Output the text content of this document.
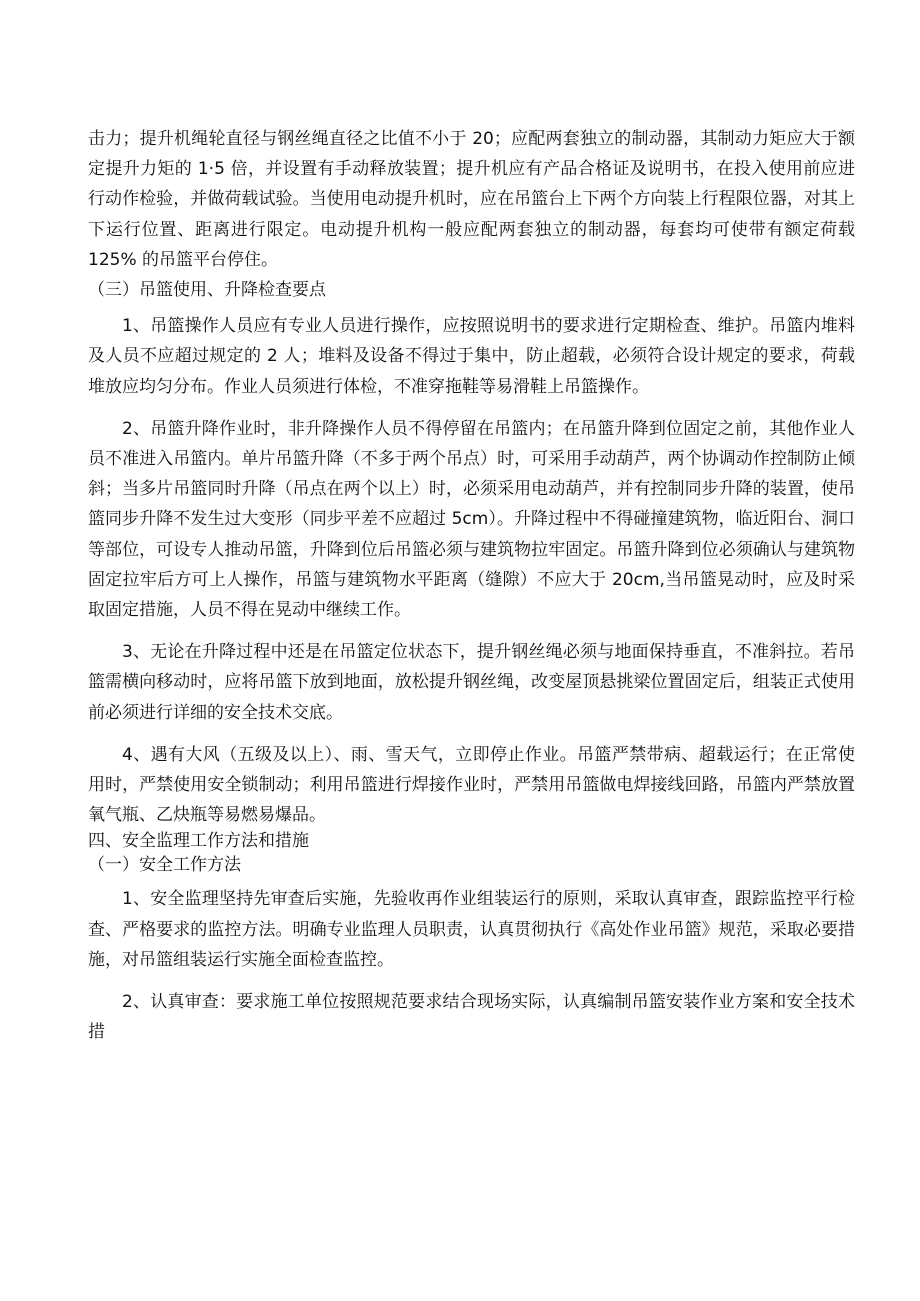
击力；提升机绳轮直径与钢丝绳直径之比值不小于 20；应配两套独立的制动器，其制动力矩应大于额定提升力矩的 1·5 倍，并设置有手动释放装置；提升机应有产品合格证及说明书，在投入使用前应进行动作检验，并做荷载试验。当使用电动提升机时，应在吊篮台上下两个方向装上行程限位器，对其上下运行位置、距离进行限定。电动提升机构一般应配两套独立的制动器，每套均可使带有额定荷载 125% 的吊篮平台停住。

（三）吊篮使用、升降检查要点

1、吊篮操作人员应有专业人员进行操作，应按照说明书的要求进行定期检查、维护。吊篮内堆料及人员不应超过规定的 2 人；堆料及设备不得过于集中，防止超载，必须符合设计规定的要求，荷载堆放应均匀分布。作业人员须进行体检，不准穿拖鞋等易滑鞋上吊篮操作。

2、吊篮升降作业时，非升降操作人员不得停留在吊篮内；在吊篮升降到位固定之前，其他作业人员不准进入吊篮内。单片吊篮升降（不多于两个吊点）时，可采用手动葫芦，两个协调动作控制防止倾斜；当多片吊篮同时升降（吊点在两个以上）时，必须采用电动葫芦，并有控制同步升降的装置，使吊篮同步升降不发生过大变形（同步平差不应超过 5cm）。升降过程中不得碰撞建筑物，临近阳台、洞口等部位，可设专人推动吊篮，升降到位后吊篮必须与建筑物拉牢固定。吊篮升降到位必须确认与建筑物固定拉牢后方可上人操作，吊篮与建筑物水平距离（缝隙）不应大于 20cm,当吊篮晃动时，应及时采取固定措施，人员不得在晃动中继续工作。

3、无论在升降过程中还是在吊篮定位状态下，提升钢丝绳必须与地面保持垂直，不准斜拉。若吊篮需横向移动时，应将吊篮下放到地面，放松提升钢丝绳，改变屋顶悬挑梁位置固定后，组装正式使用前必须进行详细的安全技术交底。

4、遇有大风（五级及以上）、雨、雪天气，立即停止作业。吊篮严禁带病、超载运行；在正常使用时，严禁使用安全锁制动；利用吊篮进行焊接作业时，严禁用吊篮做电焊接线回路，吊篮内严禁放置氧气瓶、乙炔瓶等易燃易爆品。

四、安全监理工作方法和措施

（一）安全工作方法

1、安全监理坚持先审查后实施，先验收再作业组装运行的原则，采取认真审查，跟踪监控平行检查、严格要求的监控方法。明确专业监理人员职责，认真贯彻执行《高处作业吊篮》规范，采取必要措施，对吊篮组装运行实施全面检查监控。

2、认真审查：要求施工单位按照规范要求结合现场实际，认真编制吊篮安装作业方案和安全技术措
